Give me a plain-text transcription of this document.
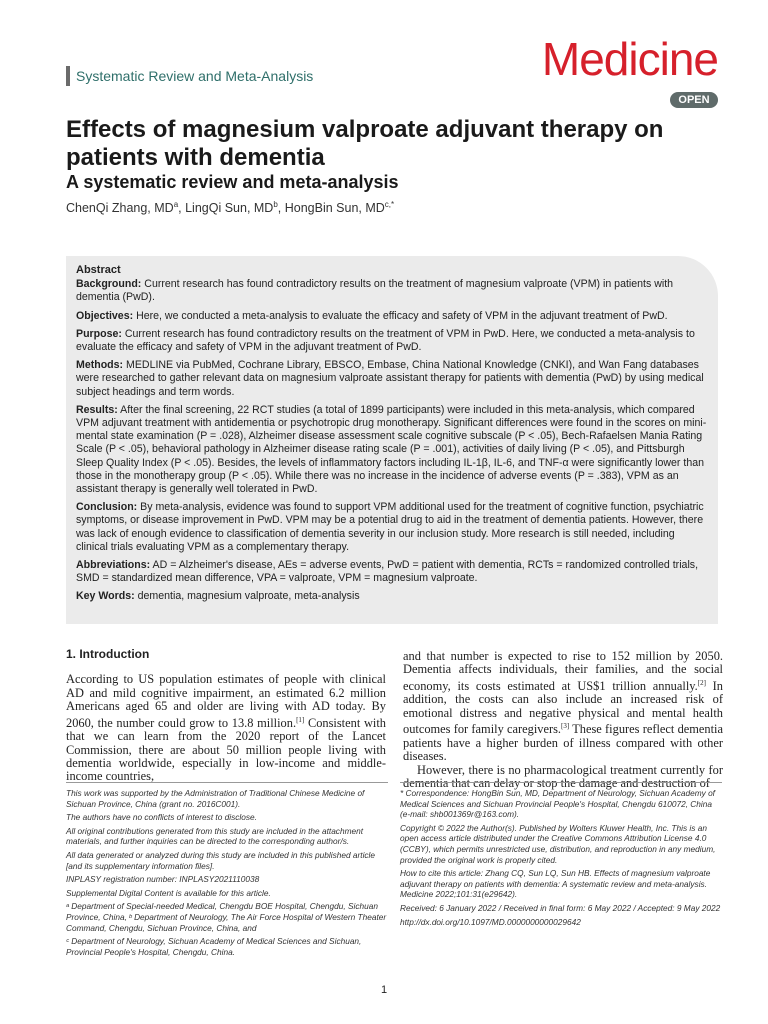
Systematic Review and Meta-Analysis	Medicine
OPEN
Effects of magnesium valproate adjuvant therapy on patients with dementia
A systematic review and meta-analysis
ChenQi Zhang, $MD^a$, LingQi Sun, $MD^b$, HongBin Sun, $MD^{c,*}$
Abstract

Background: Current research has found contradictory results on the treatment of magnesium valproate (VPM) in patients with dementia (PwD).

Objectives: Here, we conducted a meta-analysis to evaluate the efficacy and safety of VPM in the adjuvant treatment of PwD.

Purpose: Current research has found contradictory results on the treatment of VPM in PwD. Here, we conducted a meta-analysis to evaluate the efficacy and safety of VPM in the adjuvant treatment of PwD.

Methods: MEDLINE via PubMed, Cochrane Library, EBSCO, Embase, China National Knowledge (CNKI), and Wan Fang databases were researched to gather relevant data on magnesium valproate assistant therapy for patients with dementia (PwD) by using medical subject headings and term words.

Results: After the final screening, 22 RCT studies (a total of 1899 participants) were included in this meta-analysis, which compared VPM adjuvant treatment with antidementia or psychotropic drug monotherapy. Significant differences were found in the scores on mini-mental state examination (P = .028), Alzheimer disease assessment scale cognitive subscale (P < .05), Bech-Rafaelsen Mania Rating Scale (P < .05), behavioral pathology in Alzheimer disease rating scale (P = .001), activities of daily living (P < .05), and Pittsburgh Sleep Quality Index (P < .05). Besides, the levels of inflammatory factors including IL-1β, IL-6, and TNF-α were significantly lower than those in the monotherapy group (P < .05). While there was no increase in the incidence of adverse events (P = .383), VPM as an assistant therapy is generally well tolerated in PwD.

Conclusion: By meta-analysis, evidence was found to support VPM additional used for the treatment of cognitive function, psychiatric symptoms, or disease improvement in PwD. VPM may be a potential drug to aid in the treatment of dementia patients. However, there was lack of enough evidence to classification of dementia severity in our inclusion study. More research is still needed, including clinical trials evaluating VPM as a complementary therapy.

Abbreviations: AD = Alzheimer's disease, AEs = adverse events, PwD = patient with dementia, RCTs = randomized controlled trials, SMD = standardized mean difference, VPA = valproate, VPM = magnesium valproate.

Key Words: dementia, magnesium valproate, meta-analysis

1. Introduction

According to US population estimates of people with clinical AD and mild cognitive impairment, an estimated 6.2 million Americans aged 65 and older are living with AD today. By 2060, the number could grow to 13.8 million.[1] Consistent with that we can learn from the 2020 report of the Lancet Commission, there are about 50 million people living with dementia worldwide, especially in low-income and middle-income countries,

and that number is expected to rise to 152 million by 2050. Dementia affects individuals, their families, and the social economy, its costs estimated at US$1 trillion annually.[2] In addition, the costs can also include an increased risk of emotional distress and negative physical and mental health outcomes for family caregivers.[3] These figures reflect dementia patients have a higher burden of illness compared with other diseases.

However, there is no pharmacological treatment currently for dementia that can delay or stop the damage and destruction of

This work was supported by the Administration of Traditional Chinese Medicine of Sichuan Province, China (grant no. 2016C001).

The authors have no conflicts of interest to disclose.

All original contributions generated from this study are included in the attachment materials, and further inquiries can be directed to the corresponding author/s.

All data generated or analyzed during this study are included in this published article [and its supplementary information files].

INPLASY registration number: INPLASY2021110038

Supplemental Digital Content is available for this article.

ᵃ Department of Special-needed Medical, Chengdu BOE Hospital, Chengdu, Sichuan Province, China, ᵇ Department of Neurology, The Air Force Hospital of Western Theater Command, Chengdu, Sichuan Province, China, and

ᶜ Department of Neurology, Sichuan Academy of Medical Sciences and Sichuan, Provincial People's Hospital, Chengdu, China.

* Correspondence: HongBin Sun, MD, Department of Neurology, Sichuan Academy of Medical Sciences and Sichuan Provincial People's Hospital, Chengdu 610072, China (e-mail: shb001369r@163.com).

Copyright © 2022 the Author(s). Published by Wolters Kluwer Health, Inc. This is an open access article distributed under the Creative Commons Attribution License 4.0 (CCBY), which permits unrestricted use, distribution, and reproduction in any medium, provided the original work is properly cited.

How to cite this article: Zhang CQ, Sun LQ, Sun HB. Effects of magnesium valproate adjuvant therapy on patients with dementia: A systematic review and meta-analysis. Medicine 2022;101:31(e29642).

Received: 6 January 2022 / Received in final form: 6 May 2022 / Accepted: 9 May 2022

http://dx.doi.org/10.1097/MD.0000000000029642

1
